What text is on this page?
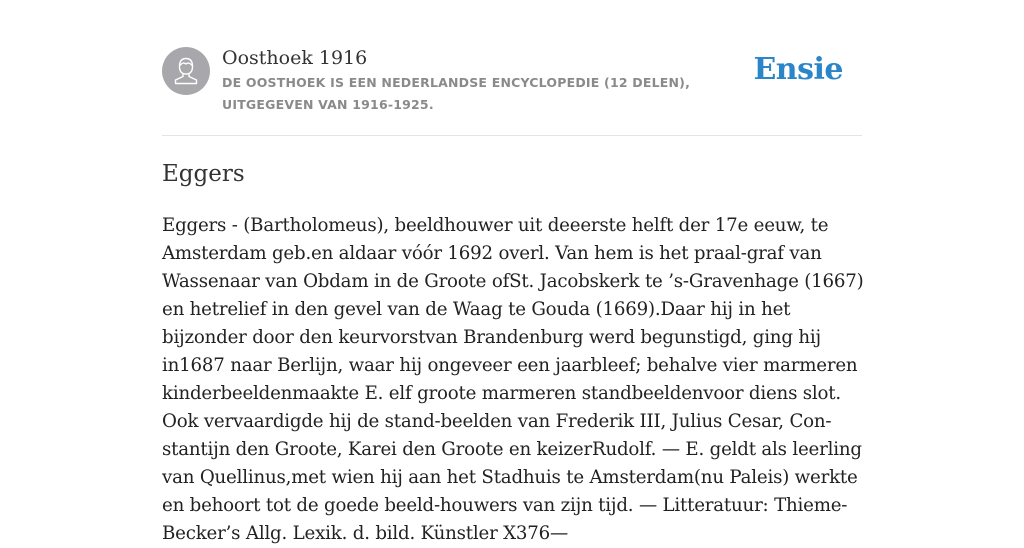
Oosthoek 1916
DE OOSTHOEK IS EEN NEDERLANDSE ENCYCLOPEDIE (12 DELEN), UITGEGEVEN VAN 1916-1925.
Ensie
Eggers

Eggers - (Bartholomeus), beeldhouwer uit deeerste helft der 17e eeuw, te Amsterdam geb.en aldaar vóór 1692 overl. Van hem is het praal-graf van Wassenaar van Obdam in de Groote ofSt. Jacobskerk te ’s-Gravenhage (1667) en hetrelief in den gevel van de Waag te Gouda (1669).Daar hij in het bijzonder door den keurvorstvan Brandenburg werd begunstigd, ging hij in1687 naar Berlijn, waar hij ongeveer een jaarbleef; behalve vier marmeren kinderbeeldenmaakte E. elf groote marmeren standbeeldenvoor diens slot. Ook vervaardigde hij de stand-beelden van Frederik III, Julius Cesar, Con-stantijn den Groote, Karei den Groote en keizerRudolf. — E. geldt als leerling van Quellinus,met wien hij aan het Stadhuis te Amsterdam(nu Paleis) werkte en behoort tot de goede beeld-houwers van zijn tijd. — Litteratuur: Thieme-Becker’s Allg. Lexik. d. bild. Künstler X376—
